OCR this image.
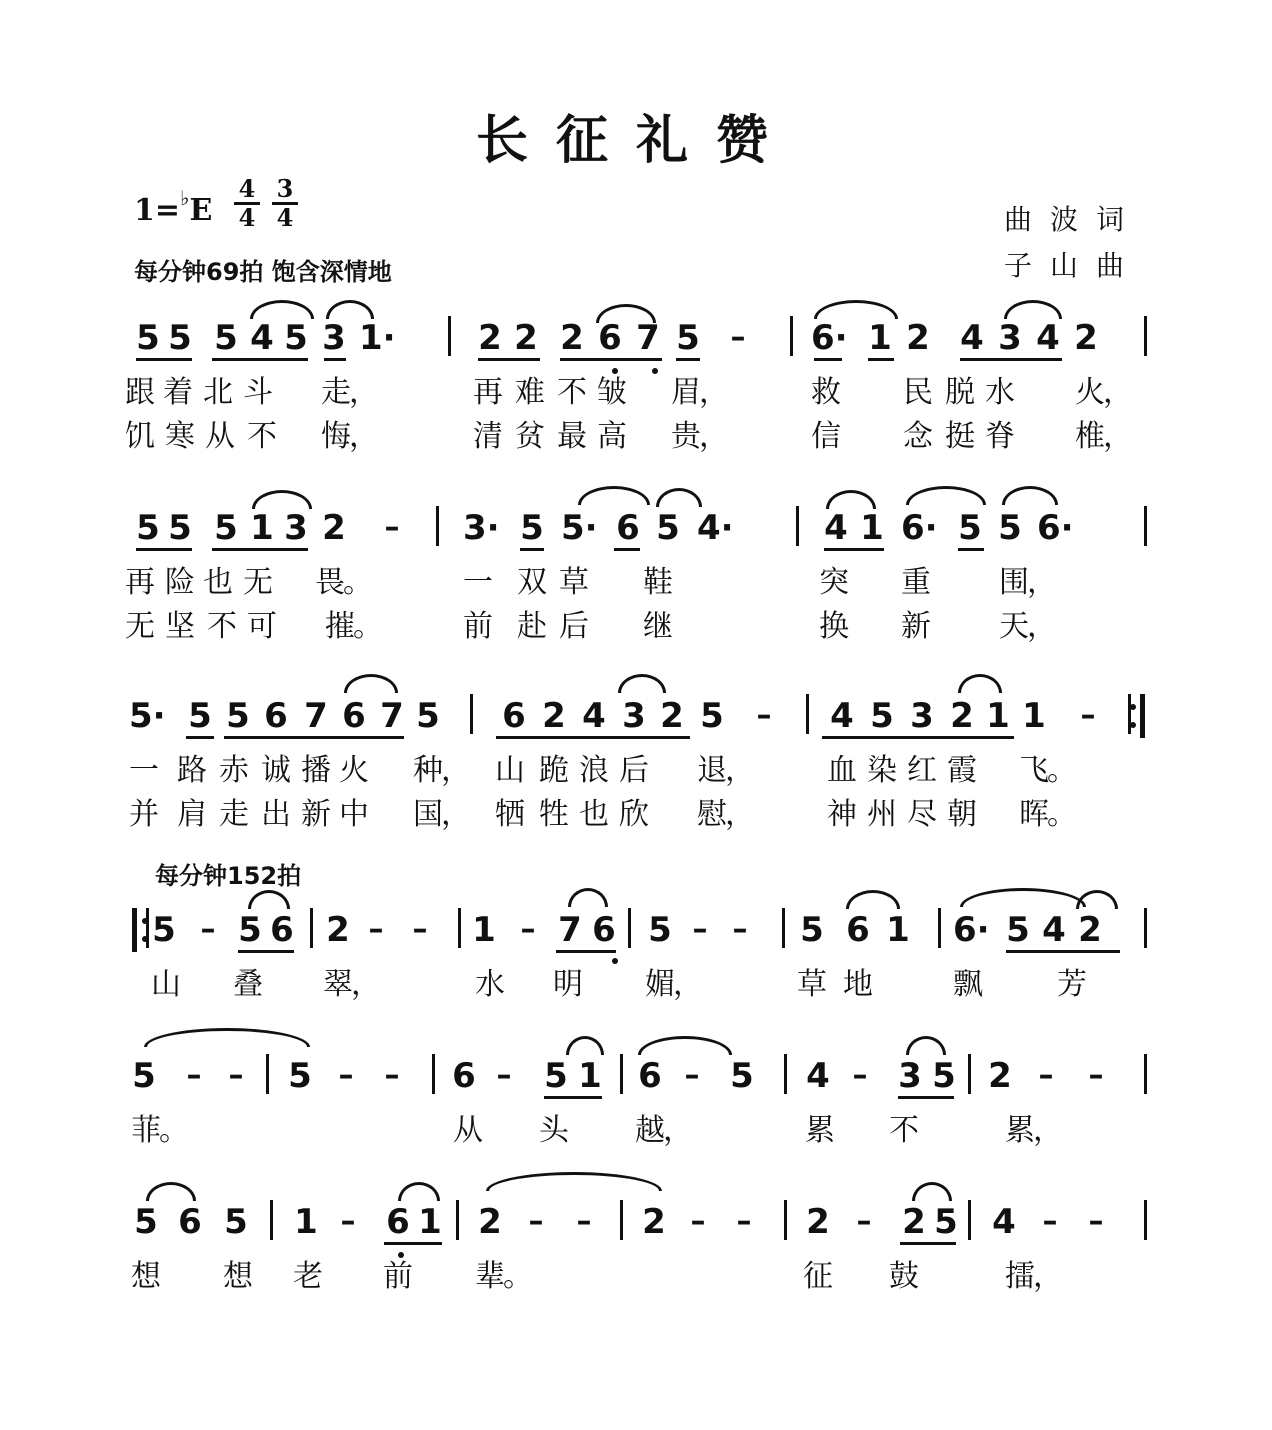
长征礼赞
$1=^♭E \frac{4}{4} \frac{3}{4}$	曲波词
子山曲
每分钟69拍 饱含深情地
每分钟152拍
5 5 5 4 5 3 1· 2 2 2 6 7 5 – 6· 1 2 4 3 4 2
跟 着 北 斗 走	再 难 不 皱 眉	救 民 脱 水 火
，	，	，
饥 寒 从 不 悔	清 贫 最 高 贵	信 念 挺 脊 椎
，	，	，
5 5 5 1 3 2 – 3· 5 5· 6 5 4·	4 1 6· 5 5 6·
再 险 也 无 畏	一 双 草 鞋	突 重 围
。	，
无 坚 不 可 摧	前 赴 后 继	换 新 天
。	，
5· 5 5 6 7 6 7 5 6 2 4 3 2 5 – 4 5 3 2 1 1 –
一 路 赤 诚 播 火 种 山 跪 浪 后 退	血 染 红 霞 飞
，	，	。
并 肩 走 出 新 中 国 牺 牲 也 欣 慰	神 州 尽 朝 晖
，	，	。
5 – 5 6 2 – – 1 – 7 6 5 – – 5 6 1 6· 5 4 2
山 叠 翠	水 明 媚	草 地	飘 芳
，	，
5 – – 5 – – 6 – 5 1 6 – 5 4 – 3 5 2 – –
菲	从 头 越	累 不	累
。	，	，
5 6 5 1 – 6 1 2 – – 2 – – 2 – 2 5 4 – –
想 想 老 前 辈	征 鼓	擂
。	，
